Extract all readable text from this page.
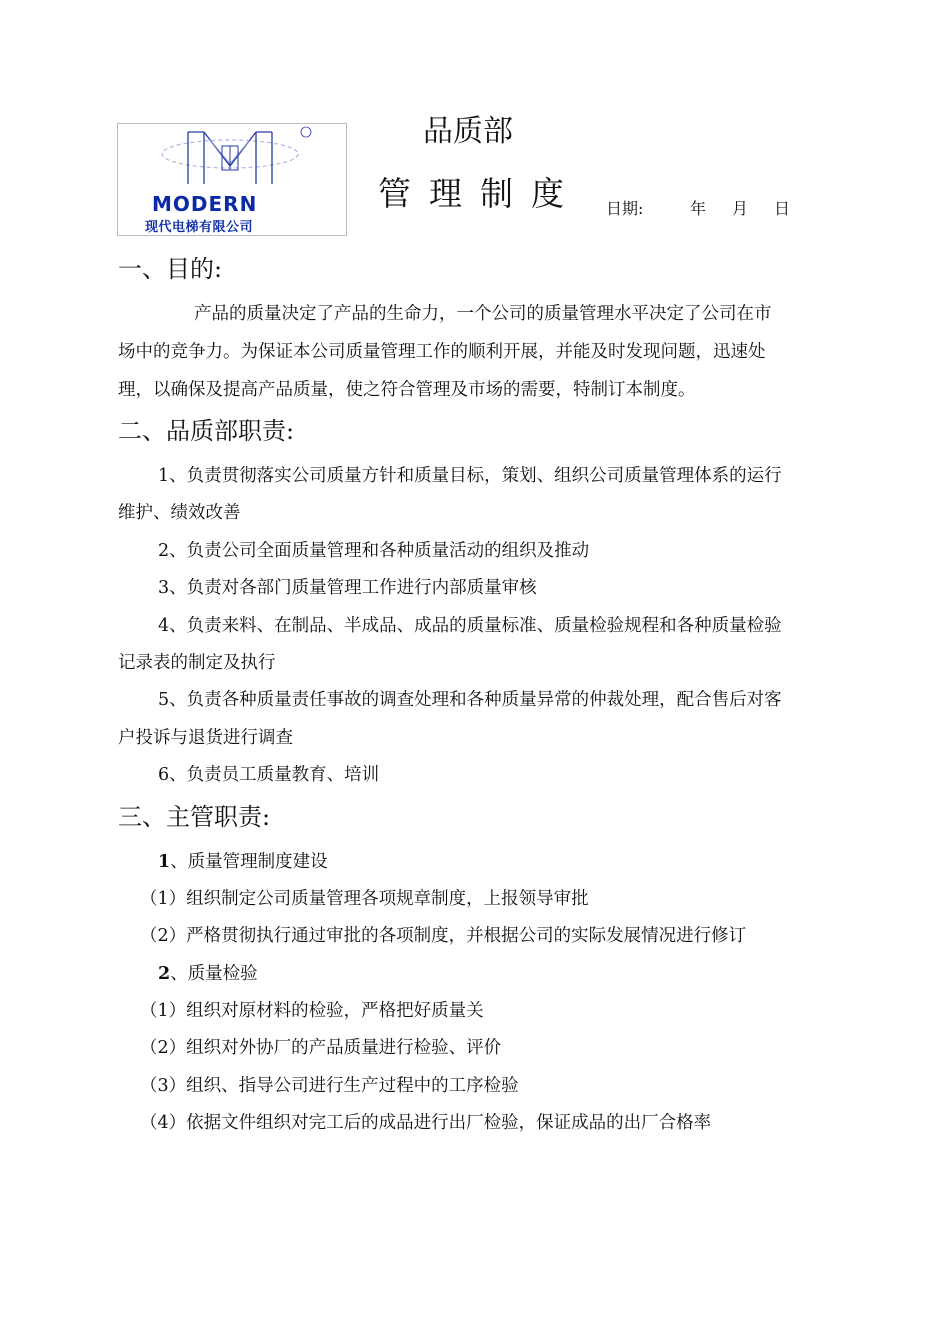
MODERN
现代电梯有限公司
品质部
管理制度 日期:	年 月 日
一、目的:
产品的质量决定了产品的生命力，一个公司的质量管理水平决定了公司在市
场中的竞争力。为保证本公司质量管理工作的顺利开展，并能及时发现问题，迅速处
理，以确保及提高产品质量，使之符合管理及市场的需要，特制订本制度。
二、品质部职责:
1、负责贯彻落实公司质量方针和质量目标，策划、组织公司质量管理体系的运行
维护、绩效改善
2、负责公司全面质量管理和各种质量活动的组织及推动
3、负责对各部门质量管理工作进行内部质量审核
4、负责来料、在制品、半成品、成品的质量标准、质量检验规程和各种质量检验
记录表的制定及执行
5、负责各种质量责任事故的调查处理和各种质量异常的仲裁处理，配合售后对客
户投诉与退货进行调查
6、负责员工质量教育、培训
三、主管职责:
1、质量管理制度建设
（1）组织制定公司质量管理各项规章制度，上报领导审批
（2）严格贯彻执行通过审批的各项制度，并根据公司的实际发展情况进行修订
2、质量检验
（1）组织对原材料的检验，严格把好质量关
（2）组织对外协厂的产品质量进行检验、评价
（3）组织、指导公司进行生产过程中的工序检验
（4）依据文件组织对完工后的成品进行出厂检验，保证成品的出厂合格率
